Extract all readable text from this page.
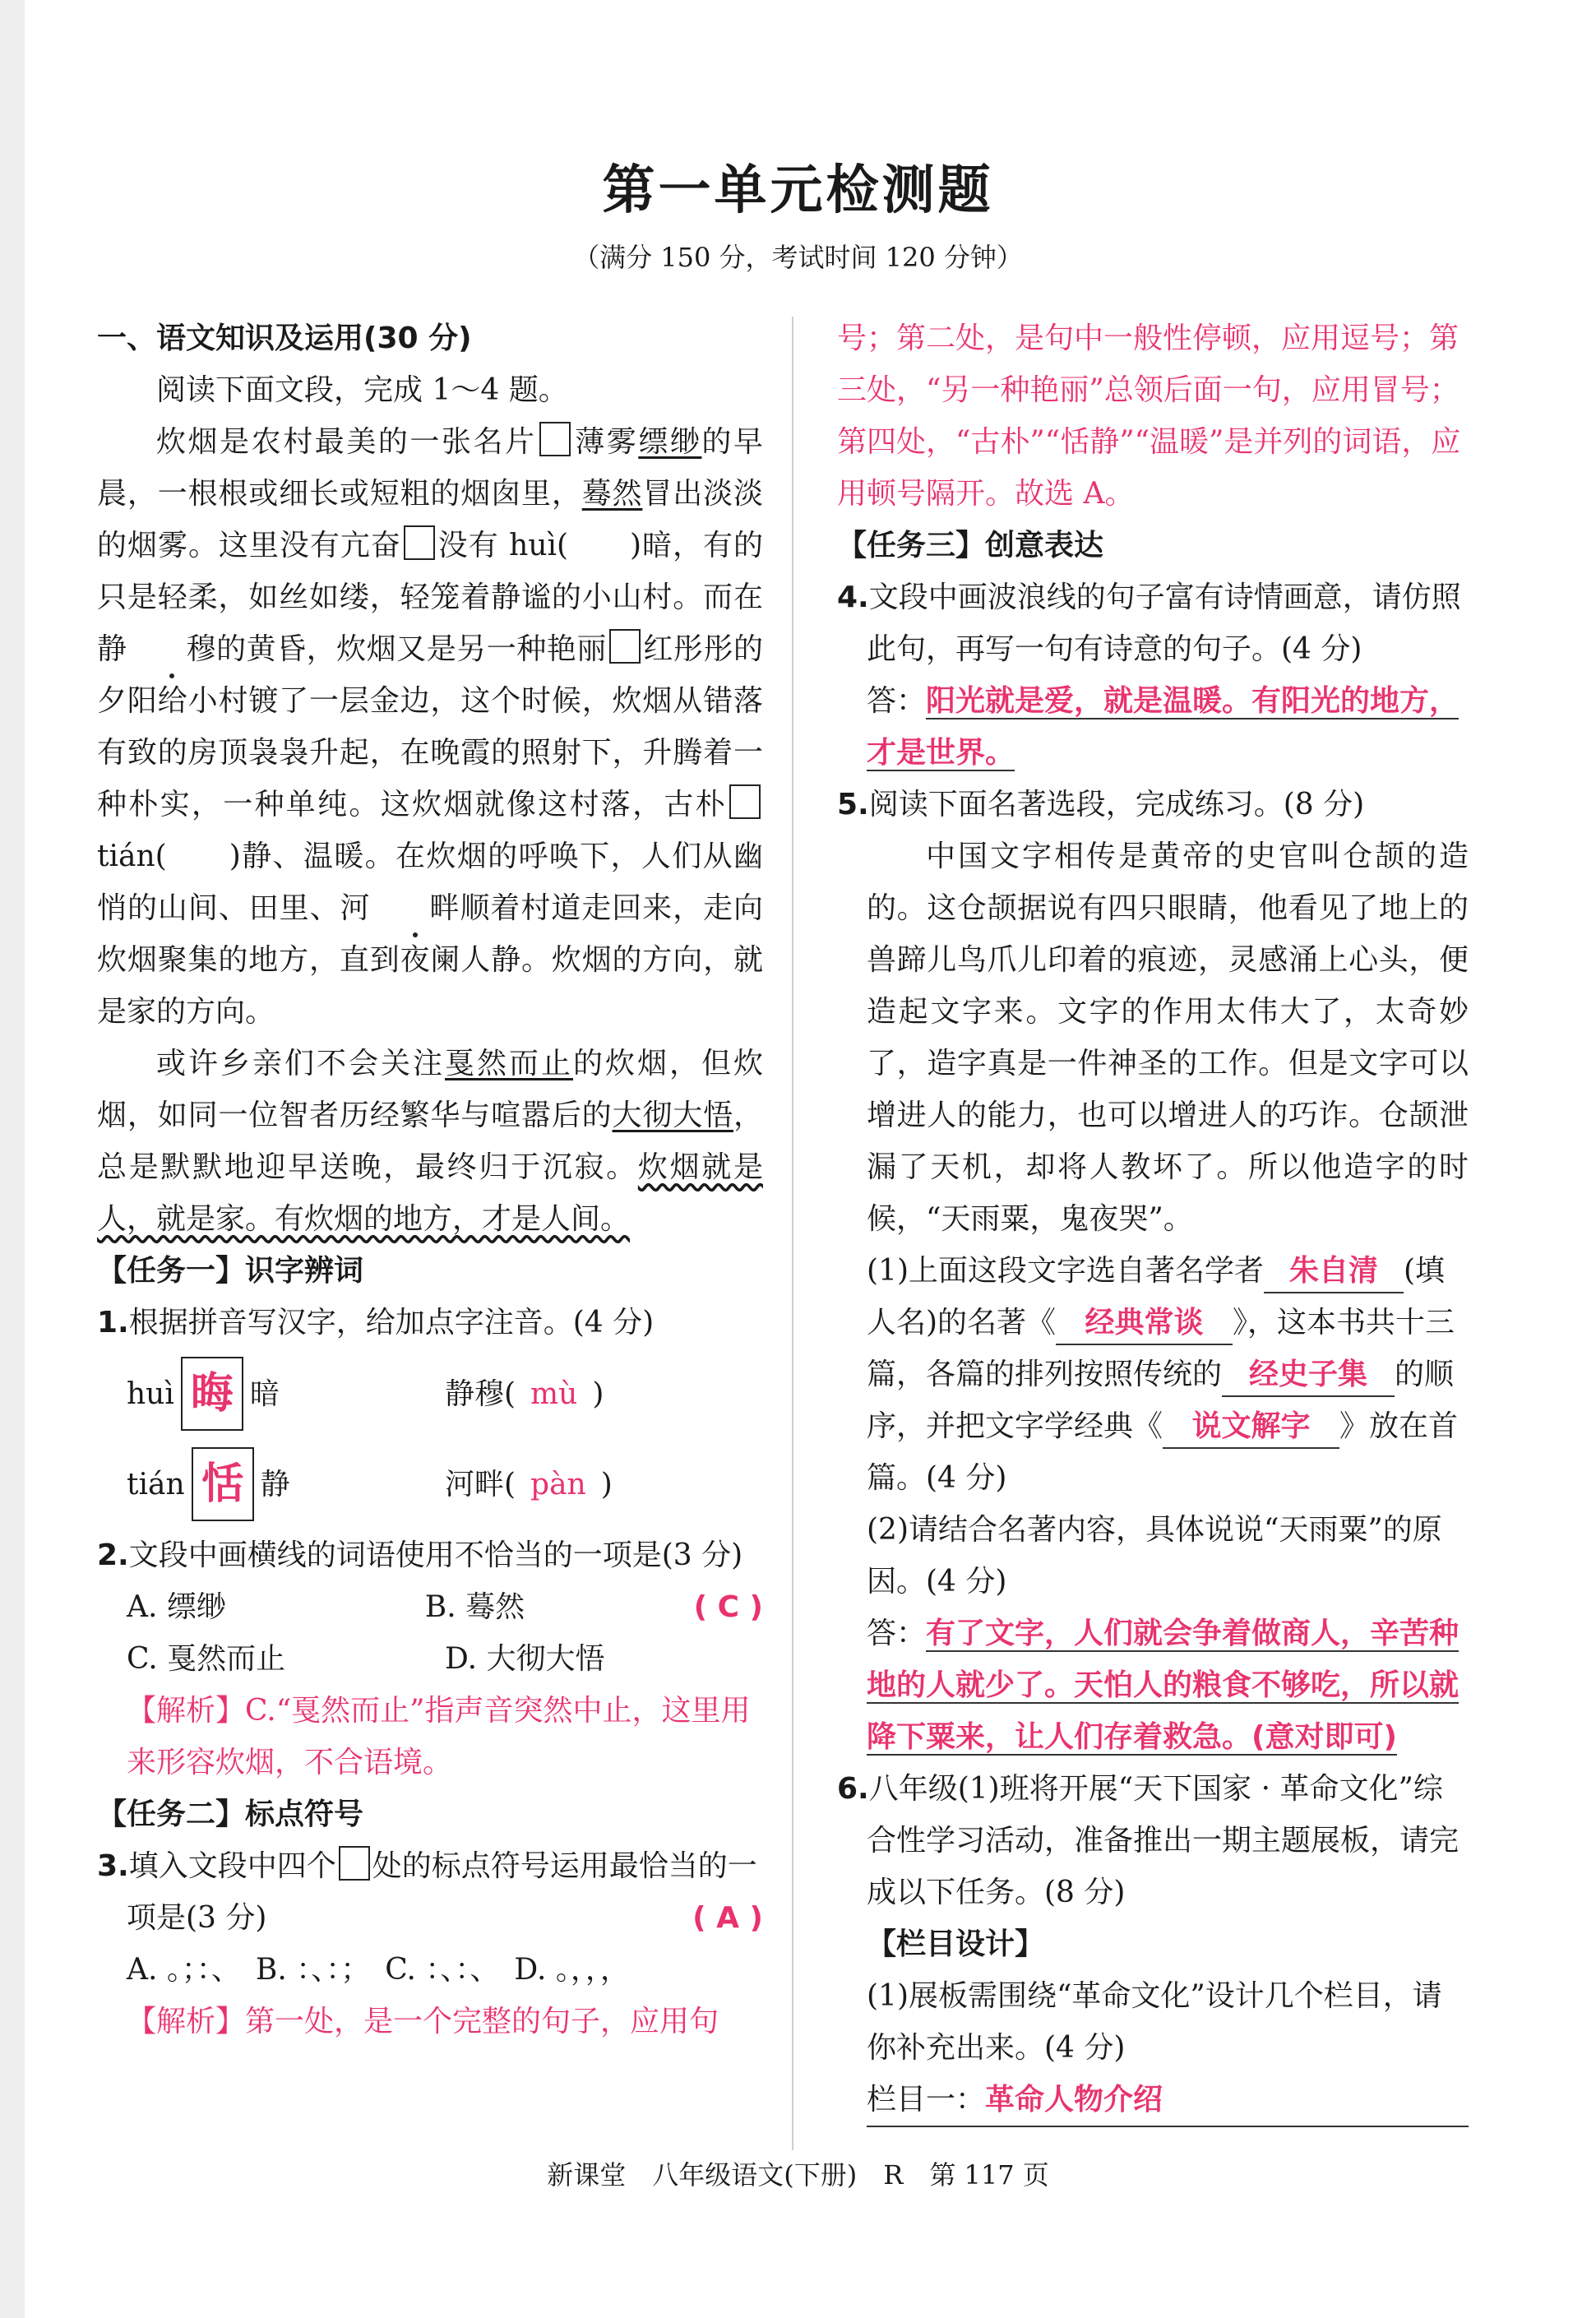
第一单元检测题
（满分 150 分，考试时间 120 分钟）

一、语文知识及运用(30 分)

阅读下面文段，完成 1～4 题。

炊烟是农村最美的一张名片 薄雾缥缈的早晨，一根根或细长或短粗的烟囱里，蓦然冒出淡淡的烟雾。这里没有亢奋 没有 huì(　　)暗，有的只是轻柔，如丝如缕，轻笼着静谧的小山村。而在静 穆的黄昏，炊烟又是另一种艳丽 红彤彤的夕阳给小村镀了一层金边，这个时候，炊烟从错落有致的房顶袅袅升起，在晚霞的照射下，升腾着一种朴实，一种单纯。这炊烟就像这村落，古朴 tián(　　)静、温暖。在炊烟的呼唤下，人们从幽悄的山间、田里、河 畔顺着村道走回来，走向炊烟聚集的地方，直到夜阑人静。炊烟的方向，就是家的方向。

或许乡亲们不会关注戛然而止的炊烟，但炊烟，如同一位智者历经繁华与喧嚣后的大彻大悟，总是默默地迎早送晚，最终归于沉寂。炊烟就是人，就是家。有炊烟的地方，才是人间。

【任务一】识字辨词

1.根据拼音写汉字，给加点字注音。(4 分)

huì 晦 暗	静穆( mù )
tián 恬 静	河畔( pàn )

2.文段中画横线的词语使用不恰当的一项是(3 分)
( C )

A. 缥缈	B. 蓦然
C. 戛然而止	D. 大彻大悟

【解析】C.“戛然而止”指声音突然中止，这里用来形容炊烟，不合语境。

【任务二】标点符号

3.填入文段中四个 处的标点符号运用最恰当的一项是(3 分)	( A )

A. 。；：、　B. ：、：；　C. ：、：、　D. 。，，，

【解析】第一处，是一个完整的句子，应用句

号；第二处，是句中一般性停顿，应用逗号；第三处，“另一种艳丽”总领后面一句，应用冒号；第四处，“古朴”“恬静”“温暖”是并列的词语，应用顿号隔开。故选 A。

【任务三】创意表达

4.文段中画波浪线的句子富有诗情画意，请仿照此句，再写一句有诗意的句子。(4 分)

答：阳光就是爱，就是温暖。有阳光的地方，才是世界。

5.阅读下面名著选段，完成练习。(8 分)

中国文字相传是黄帝的史官叫仓颉的造的。这仓颉据说有四只眼睛，他看见了地上的兽蹄儿鸟爪儿印着的痕迹，灵感涌上心头，便造起文字来。文字的作用太伟大了，太奇妙了，造字真是一件神圣的工作。但是文字可以增进人的能力，也可以增进人的巧诈。仓颉泄漏了天机，却将人教坏了。所以他造字的时候，“天雨粟，鬼夜哭”。

(1)上面这段文字选自著名学者 朱自清 (填人名)的名著《 经典常谈 》，这本书共十三篇，各篇的排列按照传统的 经史子集 的顺序，并把文字学经典《 说文解字 》放在首篇。(4 分)

(2)请结合名著内容，具体说说“天雨粟”的原因。(4 分)

答：有了文字，人们就会争着做商人，辛苦种地的人就少了。天怕人的粮食不够吃，所以就降下粟来，让人们存着救急。(意对即可)

6.八年级(1)班将开展“天下国家 · 革命文化”综合性学习活动，准备推出一期主题展板，请完成以下任务。(8 分)

【栏目设计】

(1)展板需围绕“革命文化”设计几个栏目，请你补充出来。(4 分)

栏目一：革命人物介绍

新课堂　八年级语文(下册)　R　第 117 页
